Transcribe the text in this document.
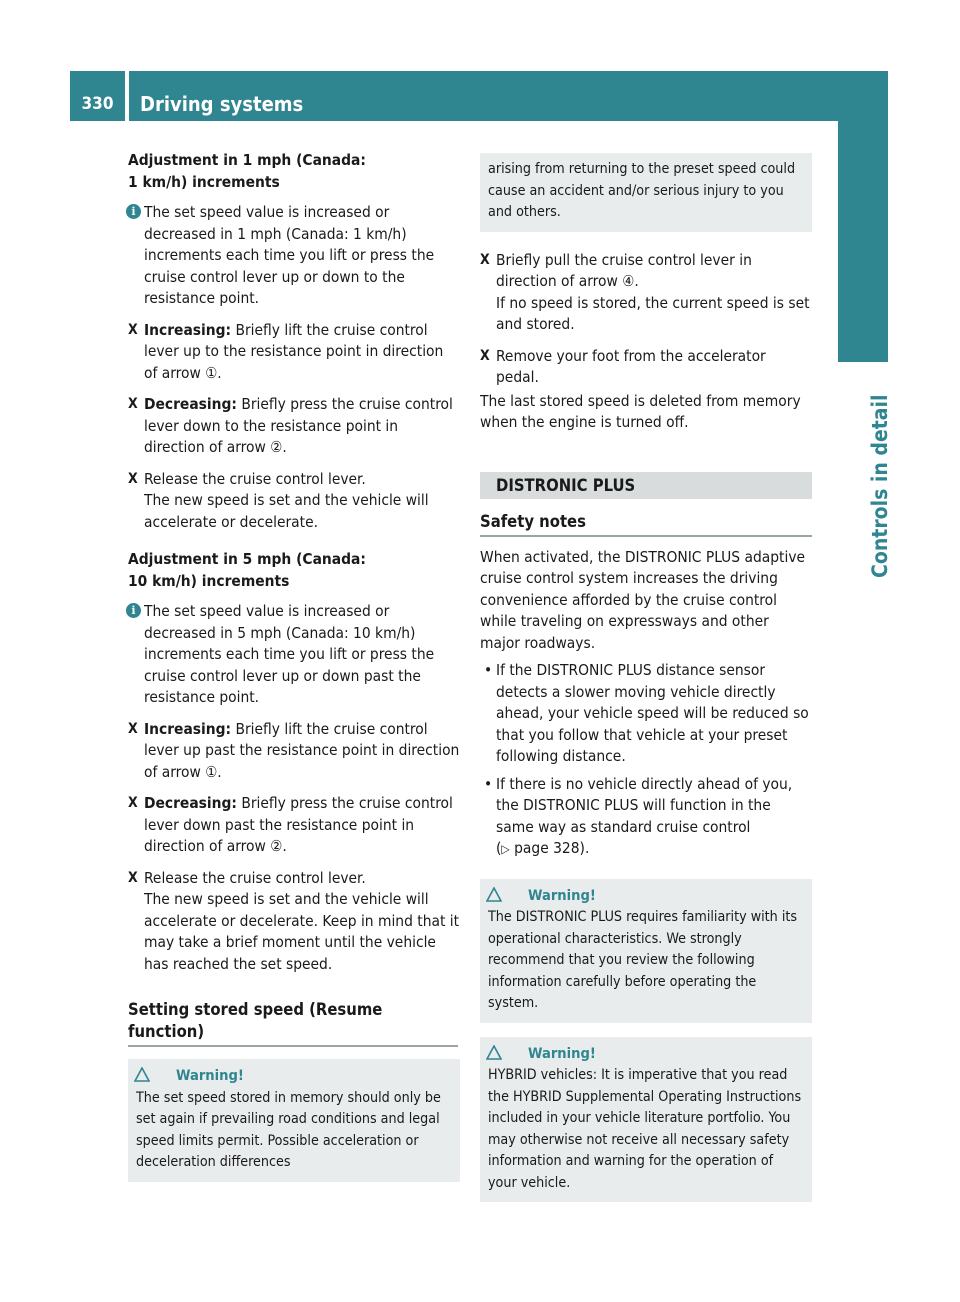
330	Driving systems
Controls in detail

Adjustment in 1 mph (Canada:
1 km/h) increments

i The set speed value is increased or decreased in 1 mph (Canada: 1 km/h) increments each time you lift or press the cruise control lever up or down to the resistance point.
X Increasing: Briefly lift the cruise control lever up to the resistance point in direction of arrow ①.
X Decreasing: Briefly press the cruise control lever down to the resistance point in direction of arrow ②.
X Release the cruise control lever.
The new speed is set and the vehicle will accelerate or decelerate.

Adjustment in 5 mph (Canada:
10 km/h) increments

i The set speed value is increased or decreased in 5 mph (Canada: 10 km/h) increments each time you lift or press the cruise control lever up or down past the resistance point.
X Increasing: Briefly lift the cruise control lever up past the resistance point in direction of arrow ①.
X Decreasing: Briefly press the cruise control lever down past the resistance point in direction of arrow ②.
X Release the cruise control lever.
The new speed is set and the vehicle will accelerate or decelerate. Keep in mind that it may take a brief moment until the vehicle has reached the set speed.
Setting stored speed (Resume function)
Warning!
The set speed stored in memory should only be set again if prevailing road conditions and legal speed limits permit. Possible acceleration or deceleration differences
arising from returning to the preset speed could cause an accident and/or serious injury to you and others.
X Briefly pull the cruise control lever in direction of arrow ④.
If no speed is stored, the current speed is set and stored.
X Remove your foot from the accelerator pedal.

The last stored speed is deleted from memory when the engine is turned off.

DISTRONIC PLUS
Safety notes

When activated, the DISTRONIC PLUS adaptive cruise control system increases the driving convenience afforded by the cruise control while traveling on expressways and other major roadways.

• If the DISTRONIC PLUS distance sensor detects a slower moving vehicle directly ahead, your vehicle speed will be reduced so that you follow that vehicle at your preset following distance.
• If there is no vehicle directly ahead of you, the DISTRONIC PLUS will function in the same way as standard cruise control
(▷ page 328).
Warning!
The DISTRONIC PLUS requires familiarity with its operational characteristics. We strongly recommend that you review the following information carefully before operating the system.
Warning!
HYBRID vehicles: It is imperative that you read the HYBRID Supplemental Operating Instructions included in your vehicle literature portfolio. You may otherwise not receive all necessary safety information and warning for the operation of your vehicle.
